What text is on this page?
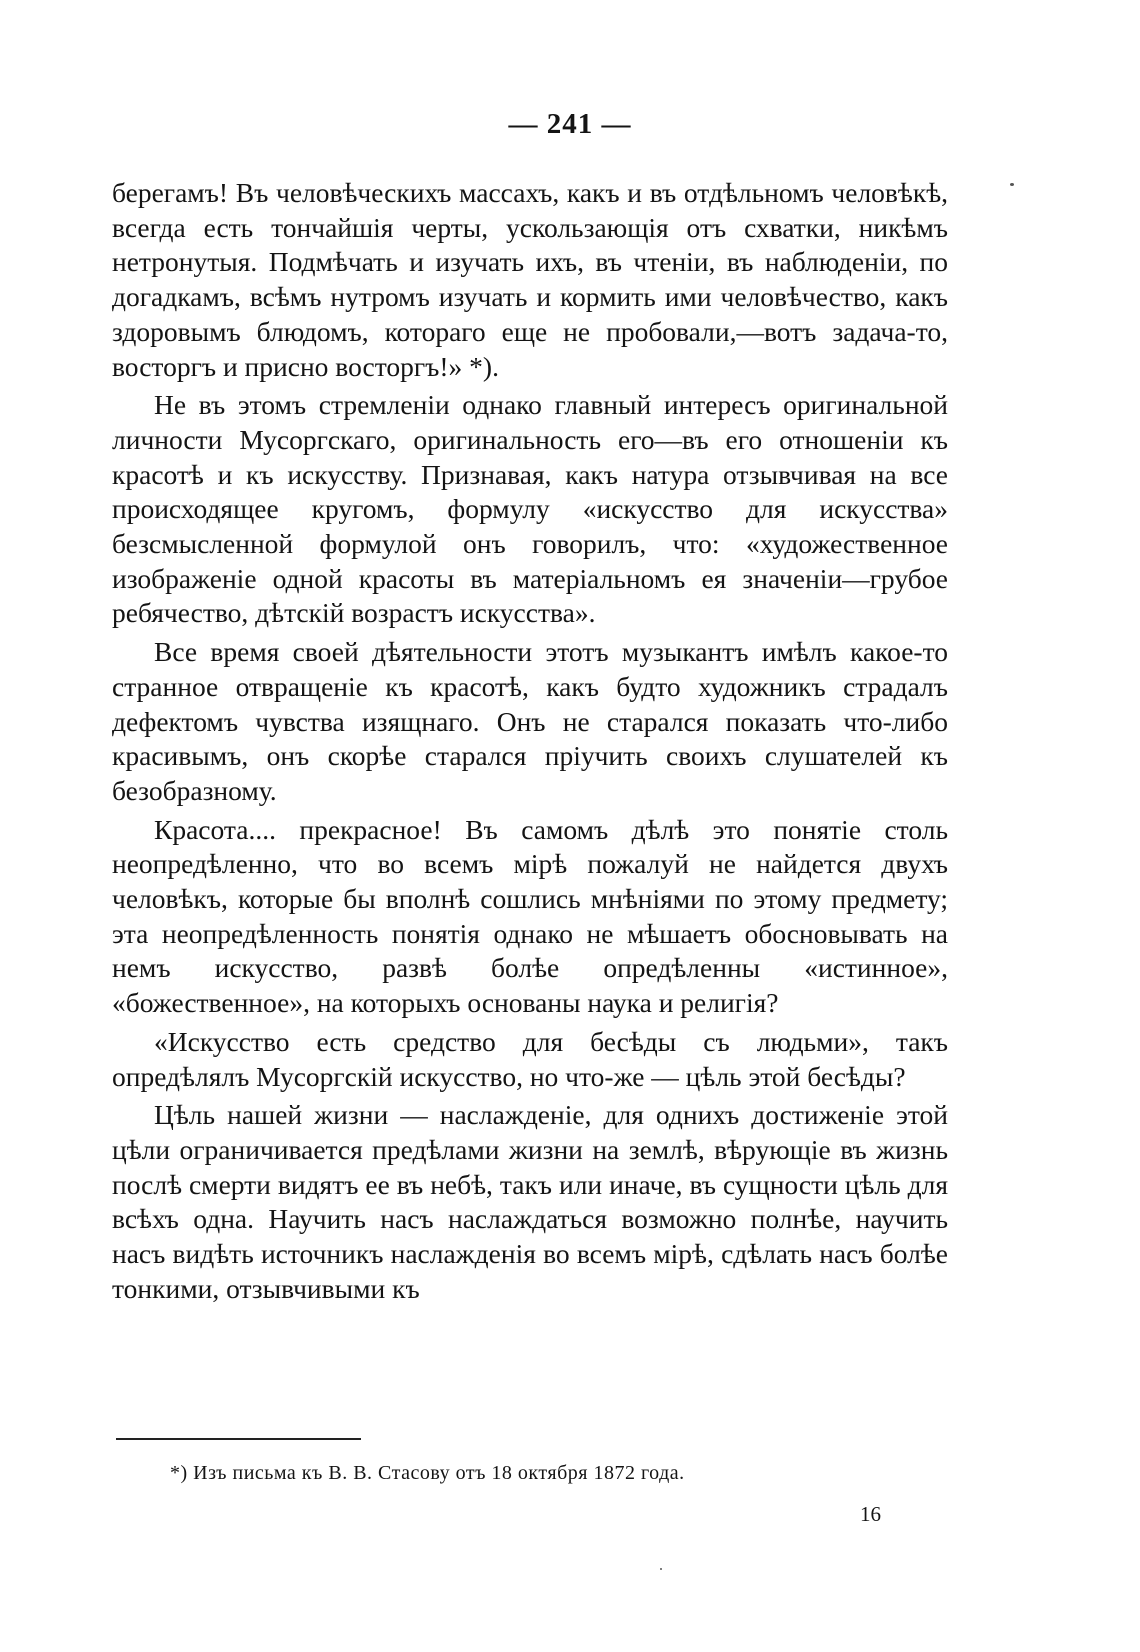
— 241 —

берегамъ! Въ человѣческихъ массахъ, какъ и въ отдѣльномъ человѣкѣ, всегда есть тончайшія черты, ускользающія отъ схватки, никѣмъ нетронутыя. Подмѣчать и изучать ихъ, въ чтеніи, въ наблюденіи, по догадкамъ, всѣмъ нутромъ изучать и кормить ими человѣчество, какъ здоровымъ блюдомъ, котораго еще не пробовали,—вотъ задача-то, восторгъ и присно восторгъ!» *).

Не въ этомъ стремленіи однако главный интересъ оригинальной личности Мусоргскаго, оригинальность его—въ его отношеніи къ красотѣ и къ искусству. Признавая, какъ натура отзывчивая на все происходящее кругомъ, формулу «искусство для искусства» безсмысленной формулой онъ говорилъ, что: «художественное изображеніе одной красоты въ матеріальномъ ея значеніи—грубое ребячество, дѣтскій возрастъ искусства».

Все время своей дѣятельности этотъ музыкантъ имѣлъ какое-то странное отвращеніе къ красотѣ, какъ будто художникъ страдалъ дефектомъ чувства изящнаго. Онъ не старался показать что-либо красивымъ, онъ скорѣе старался пріучить своихъ слушателей къ безобразному.

Красота.... прекрасное! Въ самомъ дѣлѣ это понятіе столь неопредѣленно, что во всемъ мірѣ пожалуй не найдется двухъ человѣкъ, которые бы вполнѣ сошлись мнѣніями по этому предмету; эта неопредѣленность понятія однако не мѣшаетъ обосновывать на немъ искусство, развѣ болѣе опредѣленны «истинное», «божественное», на которыхъ основаны наука и религія?

«Искусство есть средство для бесѣды съ людьми», такъ опредѣлялъ Мусоргскій искусство, но что-же — цѣль этой бесѣды?

Цѣль нашей жизни — наслажденіе, для однихъ достиженіе этой цѣли ограничивается предѣлами жизни на землѣ, вѣрующіе въ жизнь послѣ смерти видятъ ее въ небѣ, такъ или иначе, въ сущности цѣль для всѣхъ одна. Научить насъ наслаждаться возможно полнѣе, научить насъ видѣть источникъ наслажденія во всемъ мірѣ, сдѣлать насъ болѣе тонкими, отзывчивыми къ

*) Изъ письма къ В. В. Стасову отъ 18 октября 1872 года.
16
